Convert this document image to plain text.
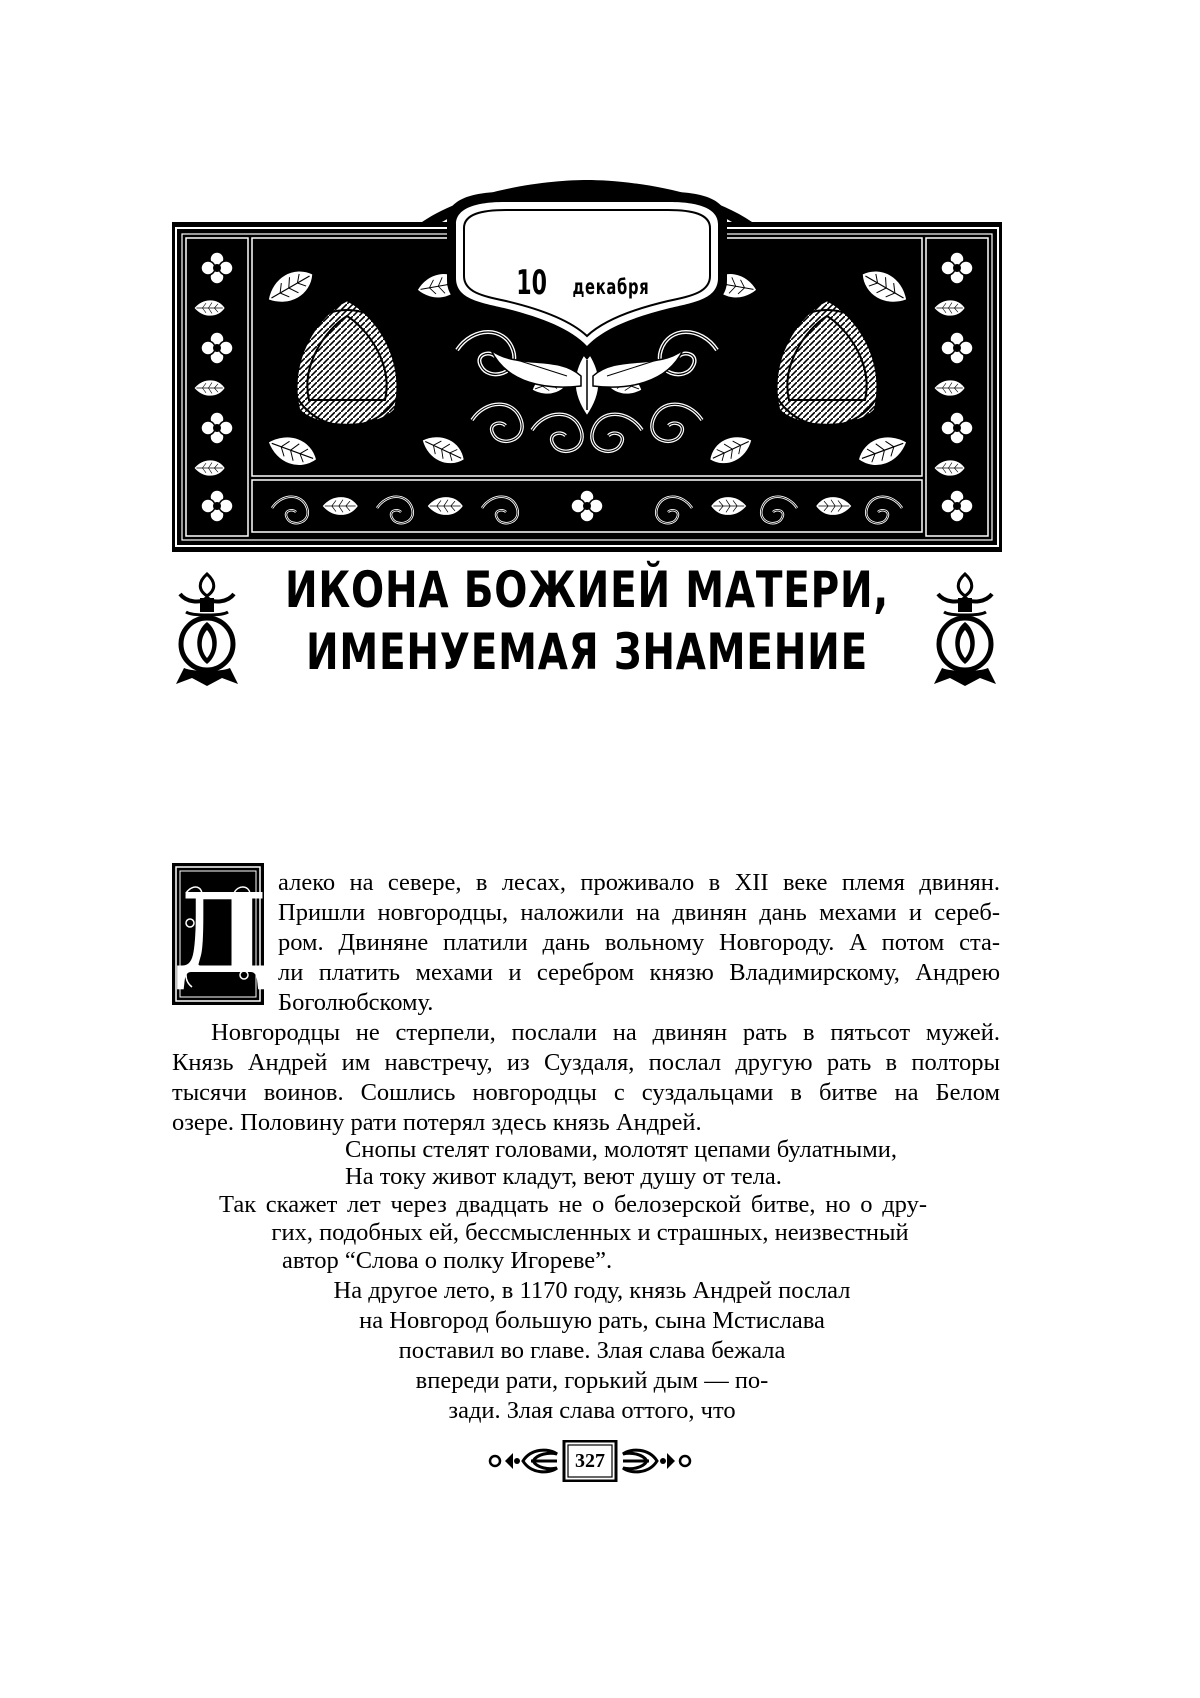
10 декабря
ИКОНА БОЖИЕЙ МАТЕРИ,
ИМЕНУЕМАЯ ЗНАМЕНИЕ
Д алеко на севере, в лесах, проживало в XII веке племя двинян.
Пришли новгородцы, наложили на двинян дань мехами и сереб-
ром. Двиняне платили дань вольному Новгороду. А потом ста-
ли платить мехами и серебром князю Владимирскому, Андрею
Боголюбскому.
Новгородцы не стерпели, послали на двинян рать в пятьсот мужей.
Князь Андрей им навстречу, из Суздаля, послал другую рать в полторы
тысячи воинов. Сошлись новгородцы с суздальцами в битве на Белом
озере. Половину рати потерял здесь князь Андрей.
Снопы стелят головами, молотят цепами булатными,
На току живот кладут, веют душу от тела.
Так скажет лет через двадцать не о белозерской битве, но о дру-
гих, подобных ей, бессмысленных и страшных, неизвестный
автор “Слова о полку Игореве”.
На другое лето, в 1170 году, князь Андрей послал
на Новгород большую рать, сына Мстислава
поставил во главе. Злая слава бежала
впереди рати, горький дым — по-
зади. Злая слава оттого, что
327
